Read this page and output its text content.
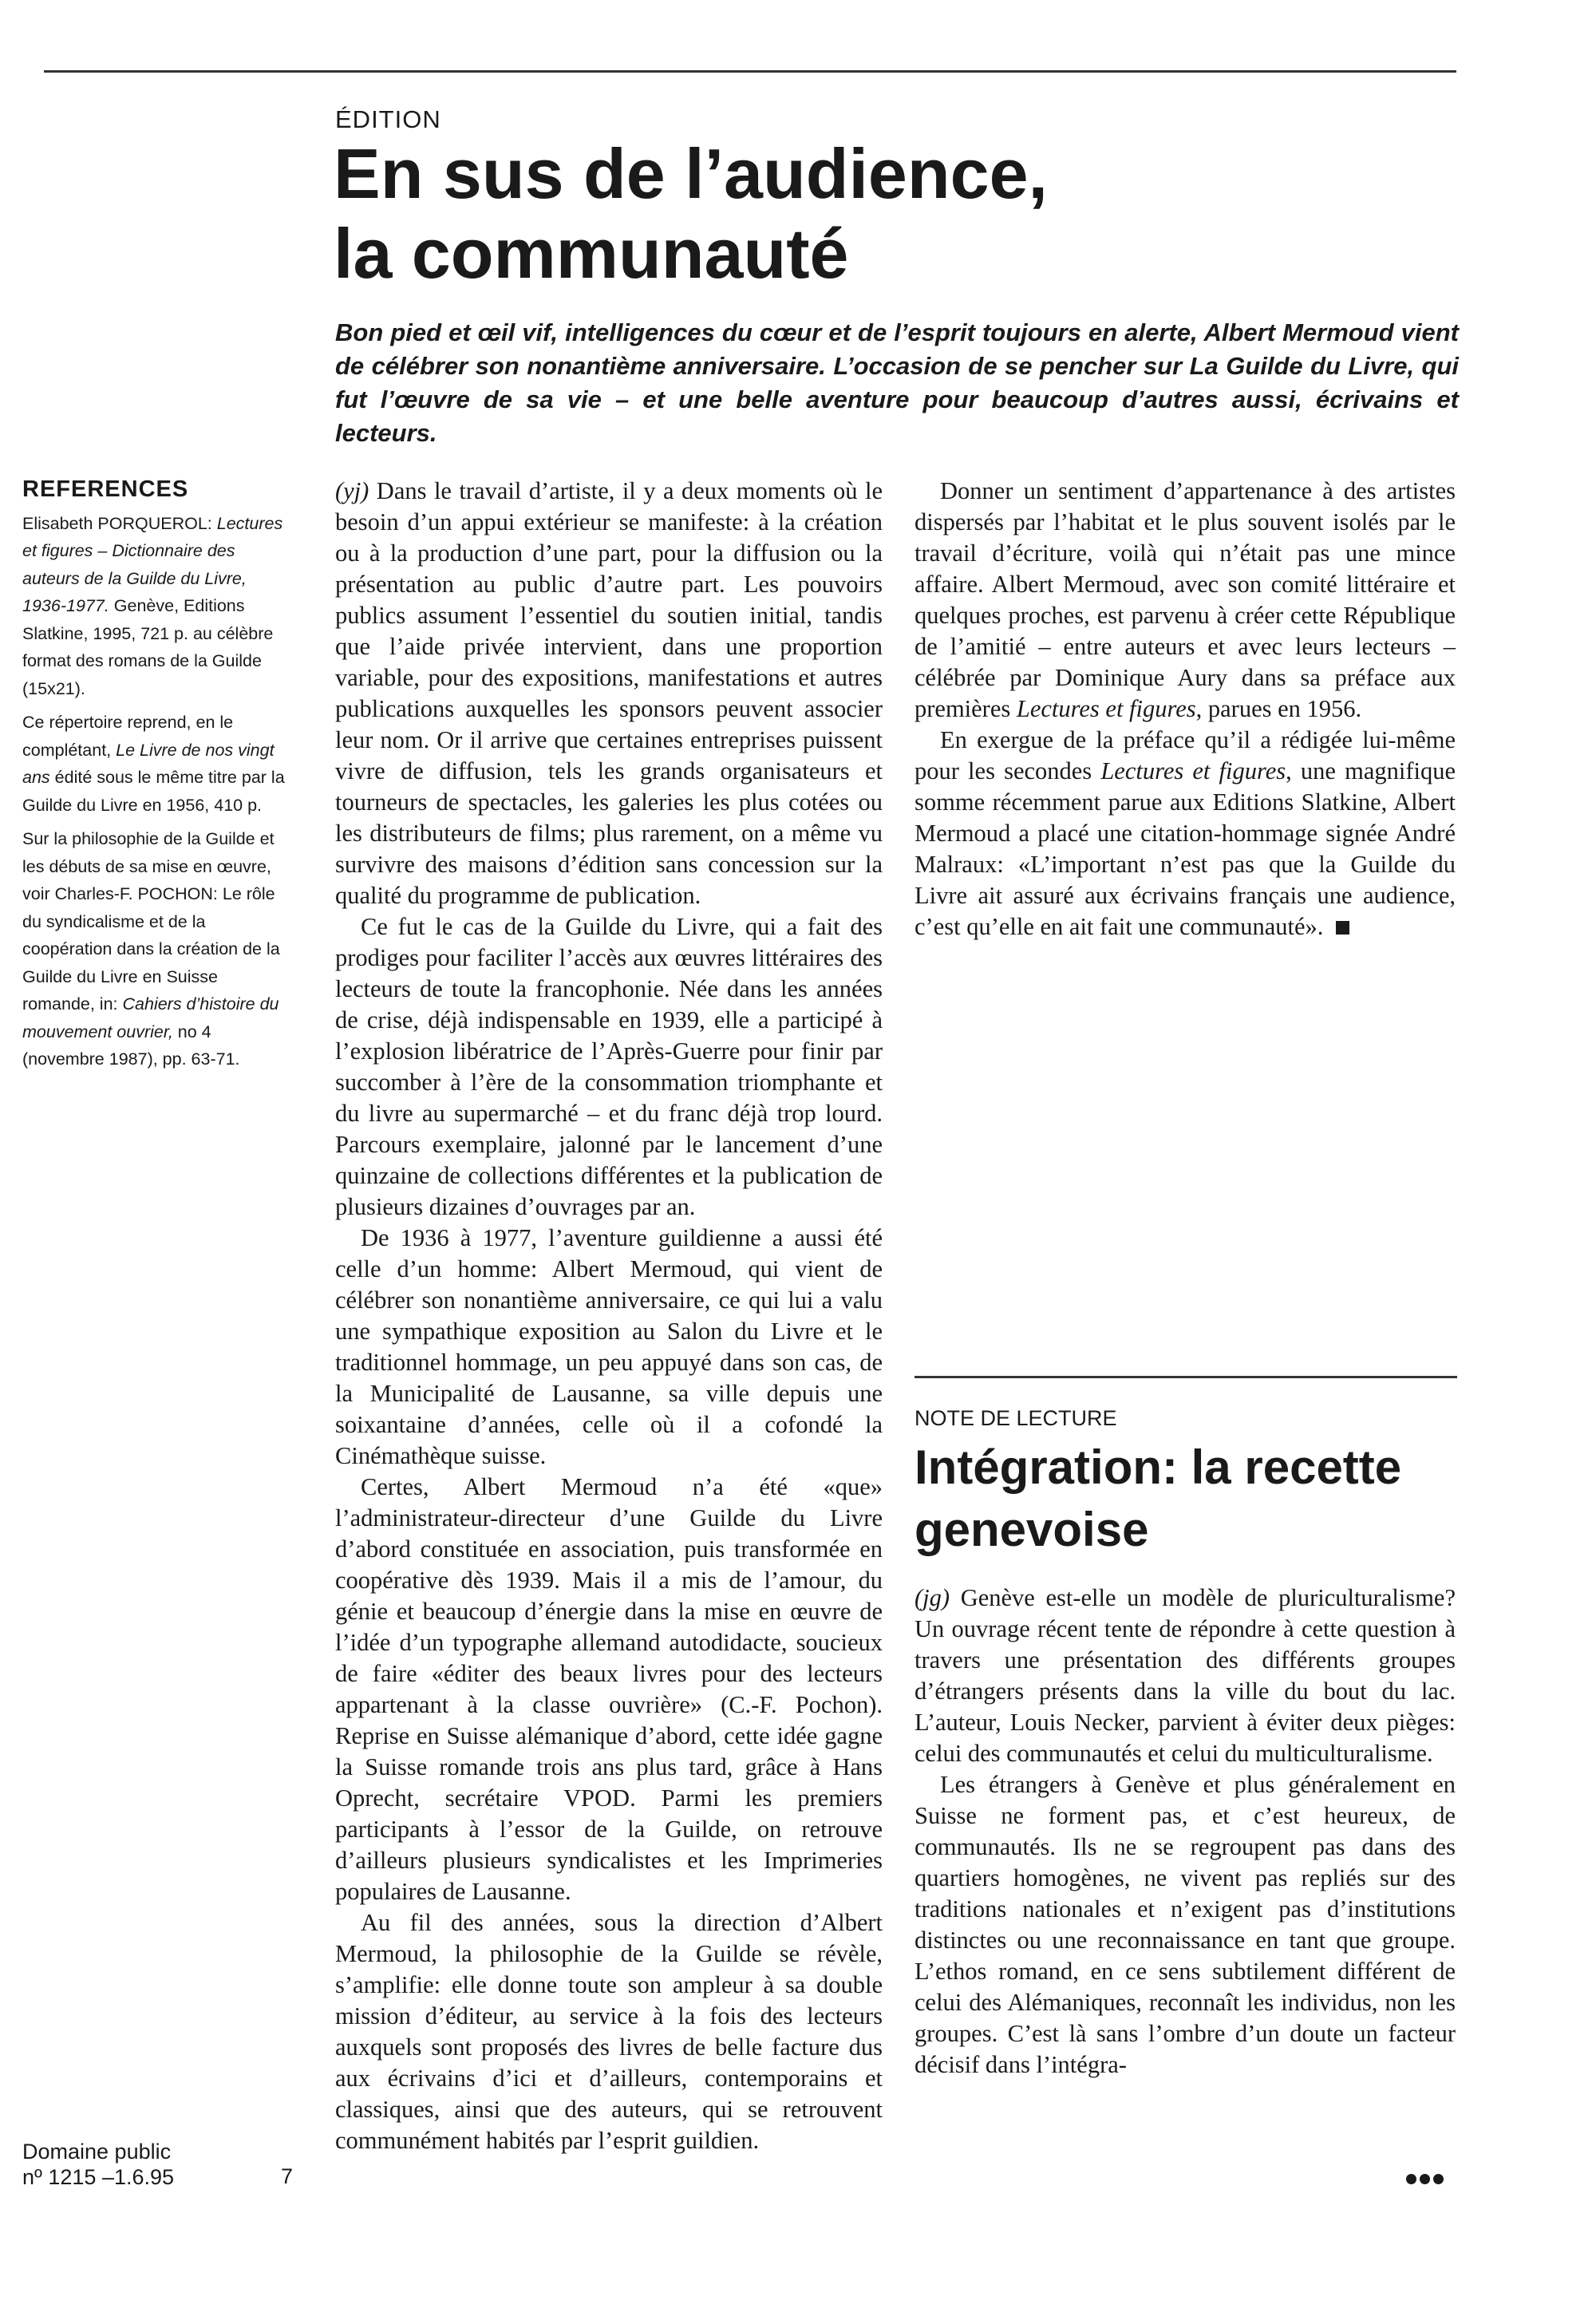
ÉDITION
En sus de l’audience,
la communauté

Bon pied et œil vif, intelligences du cœur et de l’esprit toujours en alerte, Albert Mermoud vient de célébrer son nonantième anniversaire. L’occasion de se pencher sur La Guilde du Livre, qui fut l’œuvre de sa vie – et une belle aventure pour beaucoup d’autres aussi, écrivains et lecteurs.

REFERENCES

Elisabeth PORQUEROL: Lectures et figures – Dictionnaire des auteurs de la Guilde du Livre, 1936-1977. Genève, Editions Slatkine, 1995, 721 p. au célèbre format des romans de la Guilde (15x21).

Ce répertoire reprend, en le complétant, Le Livre de nos vingt ans édité sous le même titre par la Guilde du Livre en 1956, 410 p.

Sur la philosophie de la Guilde et les débuts de sa mise en œuvre, voir Charles-F. POCHON: Le rôle du syndicalisme et de la coopération dans la création de la Guilde du Livre en Suisse romande, in: Cahiers d’histoire du mouvement ouvrier, no 4 (novembre 1987), pp. 63-71.

(yj) Dans le travail d’artiste, il y a deux moments où le besoin d’un appui extérieur se manifeste: à la création ou à la production d’une part, pour la diffusion ou la présentation au public d’autre part. Les pouvoirs publics assument l’essentiel du soutien initial, tandis que l’aide privée intervient, dans une proportion variable, pour des expositions, manifestations et autres publications auxquelles les sponsors peuvent associer leur nom. Or il arrive que certaines entreprises puissent vivre de diffusion, tels les grands organisateurs et tourneurs de spectacles, les galeries les plus cotées ou les distributeurs de films; plus rarement, on a même vu survivre des maisons d’édition sans concession sur la qualité du programme de publication.

Ce fut le cas de la Guilde du Livre, qui a fait des prodiges pour faciliter l’accès aux œuvres littéraires des lecteurs de toute la francophonie. Née dans les années de crise, déjà indispensable en 1939, elle a participé à l’explosion libératrice de l’Après-Guerre pour finir par succomber à l’ère de la consommation triomphante et du livre au supermarché – et du franc déjà trop lourd. Parcours exemplaire, jalonné par le lancement d’une quinzaine de collections différentes et la publication de plusieurs dizaines d’ouvrages par an.

De 1936 à 1977, l’aventure guildienne a aussi été celle d’un homme: Albert Mermoud, qui vient de célébrer son nonantième anniversaire, ce qui lui a valu une sympathique exposition au Salon du Livre et le traditionnel hommage, un peu appuyé dans son cas, de la Municipalité de Lausanne, sa ville depuis une soixantaine d’années, celle où il a cofondé la Cinémathèque suisse.

Certes, Albert Mermoud n’a été «que» l’administrateur-directeur d’une Guilde du Livre d’abord constituée en association, puis transformée en coopérative dès 1939. Mais il a mis de l’amour, du génie et beaucoup d’énergie dans la mise en œuvre de l’idée d’un typographe allemand autodidacte, soucieux de faire «éditer des beaux livres pour des lecteurs appartenant à la classe ouvrière» (C.-F. Pochon). Reprise en Suisse alémanique d’abord, cette idée gagne la Suisse romande trois ans plus tard, grâce à Hans Oprecht, secrétaire VPOD. Parmi les premiers participants à l’essor de la Guilde, on retrouve d’ailleurs plusieurs syndicalistes et les Imprimeries populaires de Lausanne.

Au fil des années, sous la direction d’Albert Mermoud, la philosophie de la Guilde se révèle, s’amplifie: elle donne toute son ampleur à sa double mission d’éditeur, au service à la fois des lecteurs auxquels sont proposés des livres de belle facture dus aux écrivains d’ici et d’ailleurs, contemporains et classiques, ainsi que des auteurs, qui se retrouvent communément habités par l’esprit guildien.

Donner un sentiment d’appartenance à des artistes dispersés par l’habitat et le plus souvent isolés par le travail d’écriture, voilà qui n’était pas une mince affaire. Albert Mermoud, avec son comité littéraire et quelques proches, est parvenu à créer cette République de l’amitié – entre auteurs et avec leurs lecteurs – célébrée par Dominique Aury dans sa préface aux premières Lectures et figures, parues en 1956.

En exergue de la préface qu’il a rédigée lui-même pour les secondes Lectures et figures, une magnifique somme récemment parue aux Editions Slatkine, Albert Mermoud a placé une citation-hommage signée André Malraux: «L’important n’est pas que la Guilde du Livre ait assuré aux écrivains français une audience, c’est qu’elle en ait fait une communauté».

NOTE DE LECTURE
Intégration: la recette genevoise

(jg) Genève est-elle un modèle de pluriculturalisme? Un ouvrage récent tente de répondre à cette question à travers une présentation des différents groupes d’étrangers présents dans la ville du bout du lac. L’auteur, Louis Necker, parvient à éviter deux pièges: celui des communautés et celui du multiculturalisme.

Les étrangers à Genève et plus généralement en Suisse ne forment pas, et c’est heureux, de communautés. Ils ne se regroupent pas dans des quartiers homogènes, ne vivent pas repliés sur des traditions nationales et n’exigent pas d’institutions distinctes ou une reconnaissance en tant que groupe. L’ethos romand, en ce sens subtilement différent de celui des Alémaniques, reconnaît les individus, non les groupes. C’est là sans l’ombre d’un doute un facteur décisif dans l’intégra-

Domaine public
nº 1215 –1.6.95	7
